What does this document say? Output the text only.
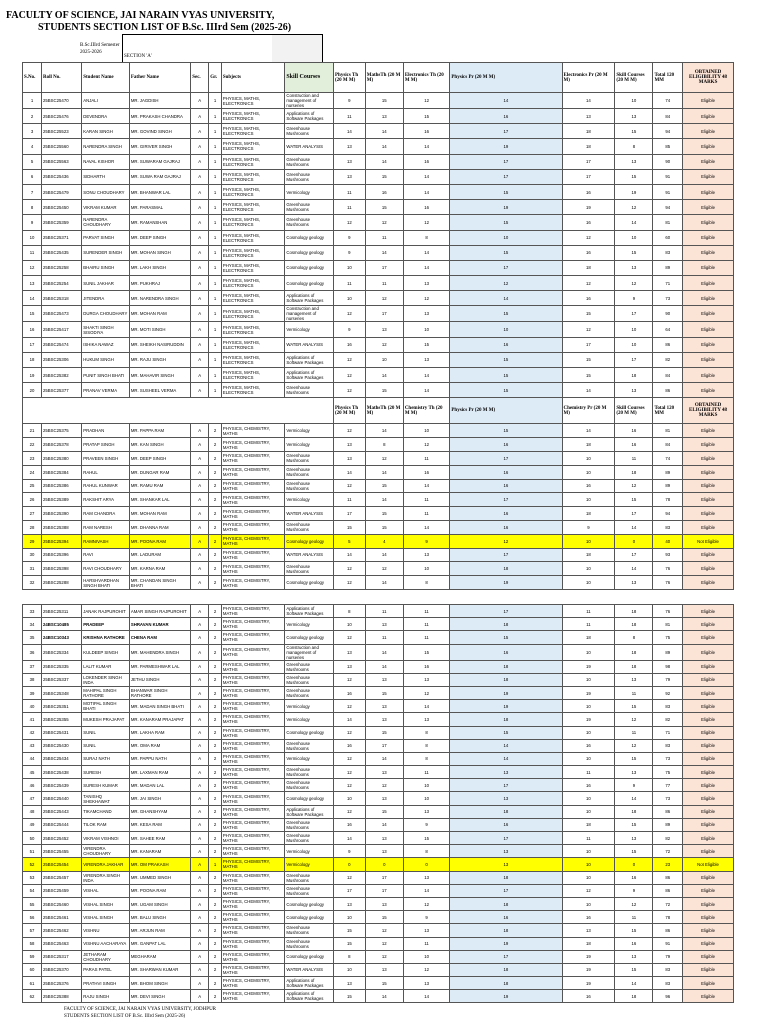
FACULTY OF SCIENCE, JAI NARAIN VYAS UNIVERSITY,
STUDENTS SECTION LIST OF B.Sc. IIIrd Sem (2025-26)
B.Sc.IIIrd Semester 2025-2026
SECTION 'A'
S.No.	Roll No.	Student Name	Father Name	Sec.	Gr.	Subjects	Skill Courses	Physics Th (20 M M)	MathsTh (20 M M)	Electronics Th (20 M M)	Physics Pr (20 M M)	Electronics Pr (20 M M)	Skill Courses (20 M M)	Total 120 MM	OBTAINED ELIGIBILITY 48 MARKS
1	25BSC25470	ANJALI	MR. JAGDISH	A	1	PHYSICS, MATHS, ELECTRONICS	Construction and management of nurseries	9	15	12	14	14	10	74	Eligible
2	25BSC25476	DEVENDRA	MR. PRAKASH CHANDRA	A	1	PHYSICS, MATHS, ELECTRONICS	Applications of Software Packages	11	13	15	16	13	13	84	Eligible
3	25BSC25523	KARAN SINGH	MR. GOVIND SINGH	A	1	PHYSICS, MATHS, ELECTRONICS	Greenhouse Mushrooms	14	14	16	17	18	15	94	Eligible
4	25BSC25560	NARENDRA SINGH	MR. GIRIVER SINGH	A	1	PHYSICS, MATHS, ELECTRONICS	WATER ANALYSIS	13	14	14	19	18	8	85	Eligible
5	25BSC25563	NAVAL KISHOR	MR. SUWARAM GAJRAJ	A	1	PHYSICS, MATHS, ELECTRONICS	Greenhouse Mushrooms	13	14	16	17	17	13	90	Eligible
6	25BSC25436	SIDHARTH	MR. SUWA RAM GAJRAJ	A	1	PHYSICS, MATHS, ELECTRONICS	Greenhouse Mushrooms	13	15	14	17	17	15	91	Eligible
7	25BSC25479	SONU CHOUDHARY	MR. BHANWAR LAL	A	1	PHYSICS, MATHS, ELECTRONICS	Vermicology	11	16	14	15	16	19	91	Eligible
8	25BSC25450	VIKRAM KUMAR	MR. PARASMAL	A	1	PHYSICS, MATHS, ELECTRONICS	Greenhouse Mushrooms	11	15	16	19	19	12	94	Eligible
9	25BSC25359	NARENDRA CHOUDHARY	MR. RAMANSHAN	A	1	PHYSICS, MATHS, ELECTRONICS	Greenhouse Mushrooms	12	12	12	15	16	14	81	Eligible
10	25BSC25371	PARVAT SINGH	MR. DEEP SINGH	A	1	PHYSICS, MATHS, ELECTRONICS	Cosmology geology	9	11	8	10	12	10	60	Eligible
11	25BSC25435	SURENDER SINGH	MR. MOHAN SINGH	A	1	PHYSICS, MATHS, ELECTRONICS	Cosmology geology	9	14	14	15	16	15	83	Eligible
12	25BSC25258	BHAIRU SINGH	MR. LAKH SINGH	A	1	PHYSICS, MATHS, ELECTRONICS	Cosmology geology	10	17	14	17	18	13	89	Eligible
13	25BSC25254	SUNIL JAKHAR	MR. PUKHRAJ	A	1	PHYSICS, MATHS, ELECTRONICS	Cosmology geology	11	11	13	12	12	12	71	Eligible
14	25BSC25318	JITENDRA	MR. NARENDRA SINGH	A	1	PHYSICS, MATHS, ELECTRONICS	Applications of Software Packages	10	12	12	14	16	9	73	Eligible
15	25BSC25473	DURGA CHOUDHARY	MR. MOHAN RAM	A	1	PHYSICS, MATHS, ELECTRONICS	Construction and management of nurseries	12	17	13	15	15	17	90	Eligible
16	25BSC25417	SHAKTI SINGH SISODIYA	MR. MOTI SINGH	A	1	PHYSICS, MATHS, ELECTRONICS	Vermicology	9	13	10	10	12	10	64	Eligible
17	25BSC25474	ISHIKA NAWAZ	MR. SHEIKH NASIRUDDIN	A	1	PHYSICS, MATHS, ELECTRONICS	WATER ANALYSIS	16	12	15	16	17	10	86	Eligible
18	25BSC25306	HUKUM SINGH	MR. RAJU SINGH	A	1	PHYSICS, MATHS, ELECTRONICS	Applications of Software Packages	12	10	13	15	15	17	82	Eligible
19	25BSC25382	PUNIT SINGH BHATI	MR. MAHAVIR SINGH	A	1	PHYSICS, MATHS, ELECTRONICS	Applications of Software Packages	12	14	14	15	15	18	84	Eligible
20	25BSC25377	PRANAV VERMA	MR. SUSHEEL VERMA	A	1	PHYSICS, MATHS, ELECTRONICS	Greenhouse Mushrooms	12	15	14	15	14	13	86	Eligible
								Physics Th (20 M M)	MathsTh (20 M M)	Chemistry Th (20 M M)	Physics Pr (20 M M)	Chemistry Pr (20 M M)	Skill Courses (20 M M)	Total 120 MM	OBTAINED ELIGIBILITY 48 MARKS
21	25BSC25375	PRADHAN	MR. PAPPA RAM	A	2	PHYSICS, CHEMISTRY, MATHS	Vermicology	12	14	10	15	14	16	81	Eligible
22	25BSC25378	PRATAP SINGH	MR. KAN SINGH	A	2	PHYSICS, CHEMISTRY, MATHS	Vermicology	13	8	12	16	18	16	84	Eligible
23	25BSC25380	PRAVEEN SINGH	MR. DEEP SINGH	A	2	PHYSICS, CHEMISTRY, MATHS	Greenhouse Mushrooms	13	12	11	17	10	11	74	Eligible
24	25BSC25384	RAHUL	MR. DUNGAR RAM	A	2	PHYSICS, CHEMISTRY, MATHS	Greenhouse Mushrooms	14	14	16	16	10	18	89	Eligible
25	25BSC25386	RAHUL KUNWAR	MR. RAMU RAM	A	2	PHYSICS, CHEMISTRY, MATHS	Greenhouse Mushrooms	12	15	14	16	16	12	89	Eligible
26	25BSC25389	RAKSHIT ARYA	MR. SHANKAR LAL	A	2	PHYSICS, CHEMISTRY, MATHS	Vermicology	11	14	11	17	10	15	78	Eligible
27	25BSC25390	RAM CHANDRA	MR. MOHAN RAM	A	2	PHYSICS, CHEMISTRY, MATHS	WATER ANALYSIS	17	15	11	16	18	17	94	Eligible
28	25BSC25388	RAM NARESH	MR. DHANNA RAM	A	2	PHYSICS, CHEMISTRY, MATHS	Greenhouse Mushrooms	15	15	14	16	9	14	83	Eligible
29	25BSC25394	RAMNIVASH	MR. POONA RAM	A	2	PHYSICS, CHEMISTRY, MATHS	Cosmology geology	5	4	9	12	10	0	40	Not Eligible
30	25BSC25396	RAVI	MR. LADURAM	A	2	PHYSICS, CHEMISTRY, MATHS	WATER ANALYSIS	14	14	13	17	18	17	93	Eligible
31	25BSC25398	RAVI CHOUDHARY	MR. KARNA RAM	A	2	PHYSICS, CHEMISTRY, MATHS	Greenhouse Mushrooms	12	12	10	18	10	14	76	Eligible
32	25BSC25288	HARSHVARDHAN SINGH BHATI	MR. CHANDAN SINGH BHATI	A	2	PHYSICS, CHEMISTRY, MATHS	Cosmology geology	12	14	8	19	10	13	76	Eligible
33	25BSC25311	JANAK RAJPUROHIT	AMAR SINGH RAJPUROHIT	A	2	PHYSICS, CHEMISTRY, MATHS	Applications of Software Packages	8	11	11	17	11	18	76	Eligible
34	24BSC10485	PRADEEP	SHRAVAN KUMAR	A	2	PHYSICS, CHEMISTRY, MATHS	Vermicology	10	13	11	18	11	18	81	Eligible
35	24BSC10343	KRISHNA RATHORE	CHENA RAM	A	2	PHYSICS, CHEMISTRY, MATHS	Cosmology geology	12	11	11	15	18	8	75	Eligible
36	25BSC25334	KULDEEP SINGH	MR. MAHENDRA SINGH	A	2	PHYSICS, CHEMISTRY, MATHS	Construction and management of nurseries	13	14	15	16	10	18	89	Eligible
37	25BSC25335	LALIT KUMAR	MR. PARMESHWAR LAL	A	2	PHYSICS, CHEMISTRY, MATHS	Greenhouse Mushrooms	13	14	16	18	19	18	98	Eligible
38	25BSC25337	LOKENDER SINGH INDA	JETHU SINGH	A	2	PHYSICS, CHEMISTRY, MATHS	Greenhouse Mushrooms	12	13	13	18	10	13	79	Eligible
39	25BSC25348	MAHIPAL SINGH RATHORE	BHANWAR SINGH RATHORE	A	2	PHYSICS, CHEMISTRY, MATHS	Greenhouse Mushrooms	16	15	12	19	19	11	92	Eligible
40	25BSC25351	MOTIPAL SINGH BHATI	MR. MADAN SINGH BHATI	A	2	PHYSICS, CHEMISTRY, MATHS	Vermicology	12	13	14	19	10	15	83	Eligible
41	25BSC25355	MUKESH PRAJAPAT	MR. KANARAM PRAJAPAT	A	2	PHYSICS, CHEMISTRY, MATHS	Vermicology	14	13	13	18	19	12	82	Eligible
42	25BSC25431	SUNIL	MR. LAKHA RAM	A	2	PHYSICS, CHEMISTRY, MATHS	Cosmology geology	12	15	8	15	10	11	71	Eligible
43	25BSC25430	SUNIL	MR. OMA RAM	A	2	PHYSICS, CHEMISTRY, MATHS	Greenhouse Mushrooms	16	17	8	14	16	12	83	Eligible
44	25BSC25434	SURAJ NATH	MR. PAPPU NATH	A	2	PHYSICS, CHEMISTRY, MATHS	Vermicology	12	14	8	14	10	15	73	Eligible
45	25BSC25438	SURESH	MR. LAXMAN RAM	A	2	PHYSICS, CHEMISTRY, MATHS	Greenhouse Mushrooms	12	13	11	13	11	13	75	Eligible
46	25BSC25439	SURESH KUMAR	MR. MADAN LAL	A	2	PHYSICS, CHEMISTRY, MATHS	Greenhouse Mushrooms	12	12	10	17	16	9	77	Eligible
47	25BSC25440	TANISHQ SHEKHAWAT	MR. JAI SINGH	A	2	PHYSICS, CHEMISTRY, MATHS	Cosmology geology	10	13	10	13	10	14	73	Eligible
48	25BSC25443	TIKAMCHAND	MR. GHANSHYAM	A	2	PHYSICS, CHEMISTRY, MATHS	Applications of Software Packages	12	15	13	18	10	18	86	Eligible
49	25BSC25444	TILOK RAM	MR. KESA RAM	A	2	PHYSICS, CHEMISTRY, MATHS	Greenhouse Mushrooms	16	14	9	16	18	15	89	Eligible
50	25BSC25452	VIKRAM VISHNOI	MR. SAHEE RAM	A	2	PHYSICS, CHEMISTRY, MATHS	Greenhouse Mushrooms	14	13	15	17	11	13	82	Eligible
51	25BSC25455	VIRENDRA CHOUDHARY	MR. KANARAM	A	2	PHYSICS, CHEMISTRY, MATHS	Vermicology	9	13	8	13	10	15	72	Eligible
52	25BSC25454	VIRENDRA JAKHAR	MR. OM PRAKASH	A	1	PHYSICS, CHEMISTRY, MATHS	Vermicology	0	0	0	13	10	0	23	Not Eligible
53	25BSC25457	VIRENDRA SINGH INDA	MR. UMMED SINGH	A	2	PHYSICS, CHEMISTRY, MATHS	Greenhouse Mushrooms	12	17	13	18	10	16	86	Eligible
54	25BSC25459	VISHAL	MR. POONA RAM	A	2	PHYSICS, CHEMISTRY, MATHS	Greenhouse Mushrooms	17	17	14	17	12	9	86	Eligible
55	25BSC25460	VISHAL SINGH	MR. UGAM SINGH	A	2	PHYSICS, CHEMISTRY, MATHS	Cosmology geology	13	13	12	18	10	12	72	Eligible
56	25BSC25461	VISHAL SINGH	MR. BALU SINGH	A	2	PHYSICS, CHEMISTRY, MATHS	Cosmology geology	10	15	9	16	16	11	78	Eligible
57	25BSC25462	VISHNU	MR. ARJUN RAM	A	2	PHYSICS, CHEMISTRY, MATHS	Greenhouse Mushrooms	15	12	13	18	13	15	86	Eligible
58	25BSC25463	VISHNU AACHARAYA	MR. GANPAT LAL	A	2	PHYSICS, CHEMISTRY, MATHS	Greenhouse Mushrooms	15	12	11	19	18	16	91	Eligible
59	25BSC25317	JETHARAM CHOUDHARY	MEGHARAM	A	2	PHYSICS, CHEMISTRY, MATHS	Cosmology geology	8	12	10	17	19	13	79	Eligible
60	25BSC25370	PARAS PATEL	MR. SHARWAN KUMAR	A	2	PHYSICS, CHEMISTRY, MATHS	WATER ANALYSIS	10	13	12	18	19	15	83	Eligible
61	25BSC25376	PRATHVI SINGH	MR. BHOM SINGH	A	2	PHYSICS, CHEMISTRY, MATHS	Applications of Software Packages	13	15	13	18	19	14	83	Eligible
62	25BSC25388	RAJU SINGH	MR. DEVI SINGH	A	2	PHYSICS, CHEMISTRY, MATHS	Applications of Software Packages	15	14	14	19	16	18	96	Eligible
FACULTY OF SCIENCE, JAI NARAIN VYAS UNIVERSITY, JODHPUR
STUDENTS SECTION LIST OF B.Sc. IIIrd Sem (2025-26)
